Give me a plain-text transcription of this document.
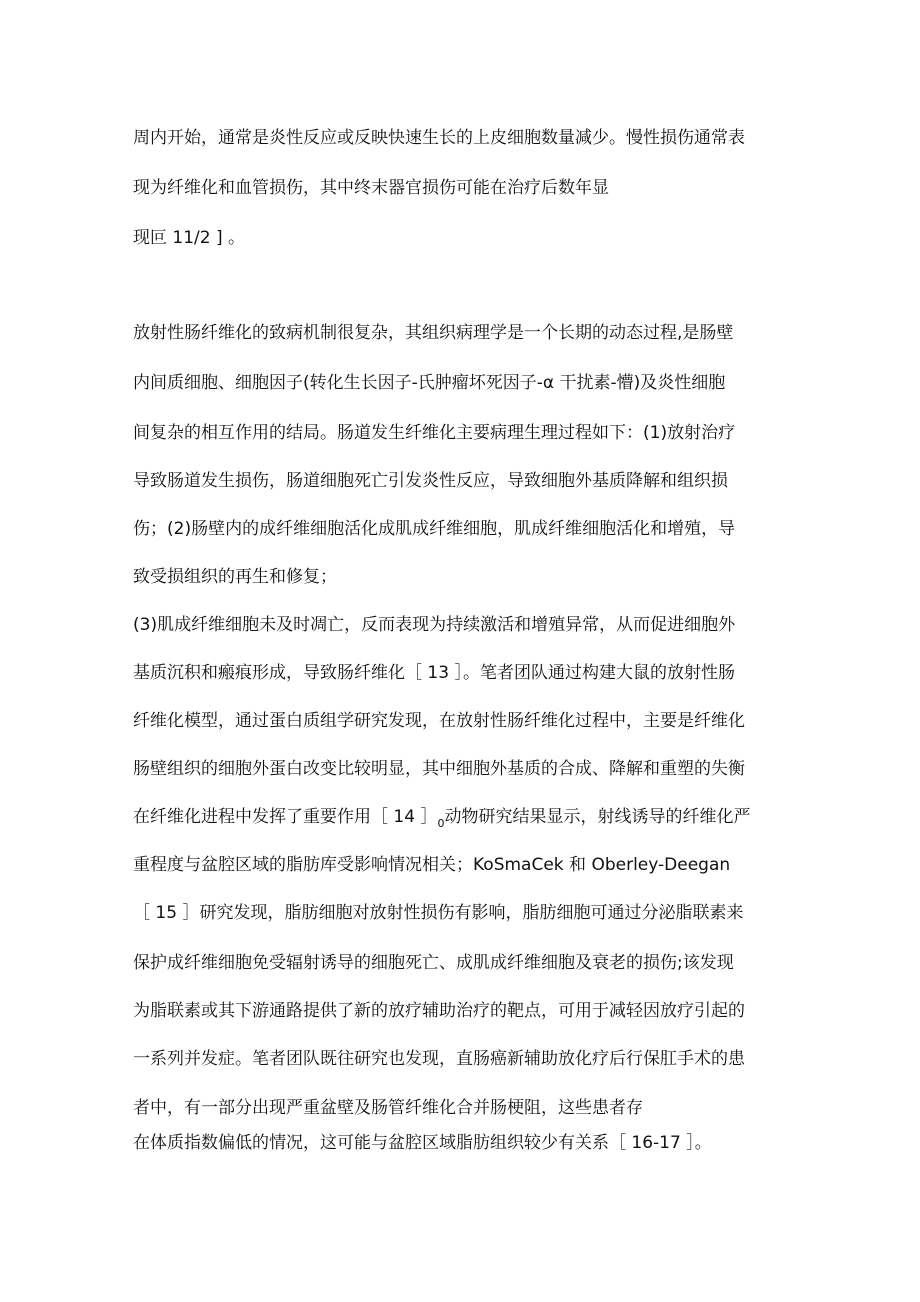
周内开始，通常是炎性反应或反映快速生长的上皮细胞数量减少。慢性损伤通常表
现为纤维化和血管损伤，其中终末器官损伤可能在治疗后数年显
现叵 11/2 ] 。
放射性肠纤维化的致病机制很复杂，其组织病理学是一个长期的动态过程,是肠壁
内间质细胞、细胞因子(转化生长因子-氏肿瘤坏死因子-α 干扰素-懵)及炎性细胞
间复杂的相互作用的结局。肠道发生纤维化主要病理生理过程如下：(1)放射治疗
导致肠道发生损伤，肠道细胞死亡引发炎性反应，导致细胞外基质降解和组织损
伤；(2)肠壁内的成纤维细胞活化成肌成纤维细胞，肌成纤维细胞活化和增殖，导
致受损组织的再生和修复；
(3)肌成纤维细胞未及时凋亡，反而表现为持续激活和增殖异常，从而促进细胞外
基质沉积和瘢痕形成，导致肠纤维化［ 13 ］。笔者团队通过构建大鼠的放射性肠
纤维化模型，通过蛋白质组学研究发现，在放射性肠纤维化过程中，主要是纤维化
肠壁组织的细胞外蛋白改变比较明显，其中细胞外基质的合成、降解和重塑的失衡
在纤维化进程中发挥了重要作用［ 14 $]_0$动物研究结果显示，射线诱导的纤维化严
重程度与盆腔区域的脂肪库受影响情况相关；KoSmaCek 和 Oberley-Deegan
［ 15 ］研究发现，脂肪细胞对放射性损伤有影响，脂肪细胞可通过分泌脂联素来
保护成纤维细胞免受辐射诱导的细胞死亡、成肌成纤维细胞及衰老的损伤;该发现
为脂联素或其下游通路提供了新的放疗辅助治疗的靶点，可用于减轻因放疗引起的
一系列并发症。笔者团队既往研究也发现，直肠癌新辅助放化疗后行保肛手术的患
者中，有一部分出现严重盆壁及肠管纤维化合并肠梗阻，这些患者存
在体质指数偏低的情况，这可能与盆腔区域脂肪组织较少有关系［ 16-17 ］。
